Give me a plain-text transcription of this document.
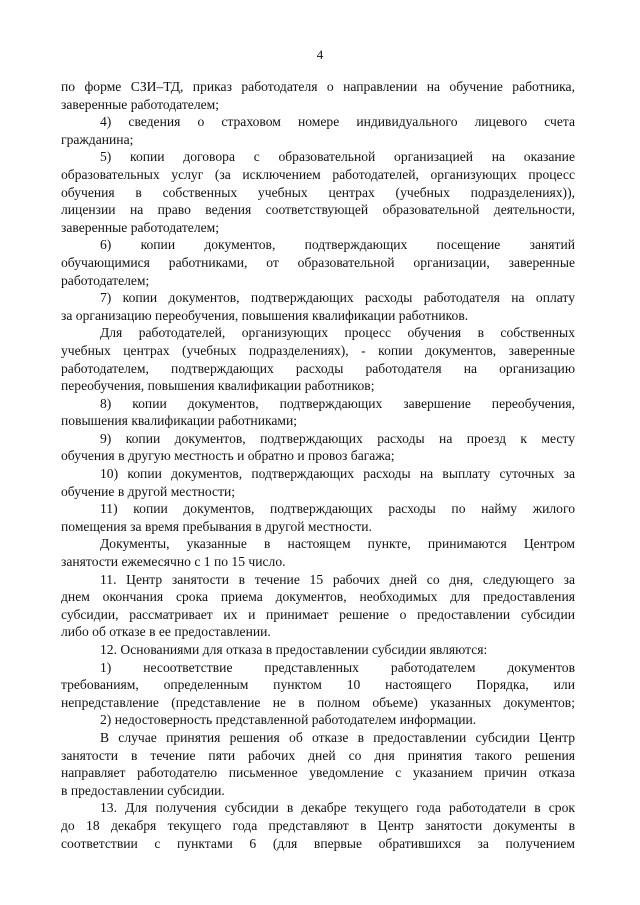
4
по форме СЗИ–ТД, приказ работодателя о направлении на обучение работника,
заверенные работодателем;
4) сведения о страховом номере индивидуального лицевого счета
гражданина;
5) копии договора с образовательной организацией на оказание
образовательных услуг (за исключением работодателей, организующих процесс
обучения в собственных учебных центрах (учебных подразделениях)),
лицензии на право ведения соответствующей образовательной деятельности,
заверенные работодателем;
6) копии документов, подтверждающих посещение занятий
обучающимися работниками, от образовательной организации, заверенные
работодателем;
7) копии документов, подтверждающих расходы работодателя на оплату
за организацию переобучения, повышения квалификации работников.
Для работодателей, организующих процесс обучения в собственных
учебных центрах (учебных подразделениях), - копии документов, заверенные
работодателем, подтверждающих расходы работодателя на организацию
переобучения, повышения квалификации работников;
8) копии документов, подтверждающих завершение переобучения,
повышения квалификации работниками;
9) копии документов, подтверждающих расходы на проезд к месту
обучения в другую местность и обратно и провоз багажа;
10) копии документов, подтверждающих расходы на выплату суточных за
обучение в другой местности;
11) копии документов, подтверждающих расходы по найму жилого
помещения за время пребывания в другой местности.
Документы, указанные в настоящем пункте, принимаются Центром
занятости ежемесячно с 1 по 15 число.
11. Центр занятости в течение 15 рабочих дней со дня, следующего за
днем окончания срока приема документов, необходимых для предоставления
субсидии, рассматривает их и принимает решение о предоставлении субсидии
либо об отказе в ее предоставлении.
12. Основаниями для отказа в предоставлении субсидии являются:
1) несоответствие представленных работодателем документов
требованиям, определенным пунктом 10 настоящего Порядка, или
непредставление (представление не в полном объеме) указанных документов;
2) недостоверность представленной работодателем информации.
В случае принятия решения об отказе в предоставлении субсидии Центр
занятости в течение пяти рабочих дней со дня принятия такого решения
направляет работодателю письменное уведомление с указанием причин отказа
в предоставлении субсидии.
13. Для получения субсидии в декабре текущего года работодатели в срок
до 18 декабря текущего года представляют в Центр занятости документы в
соответствии с пунктами 6 (для впервые обратившихся за получением
